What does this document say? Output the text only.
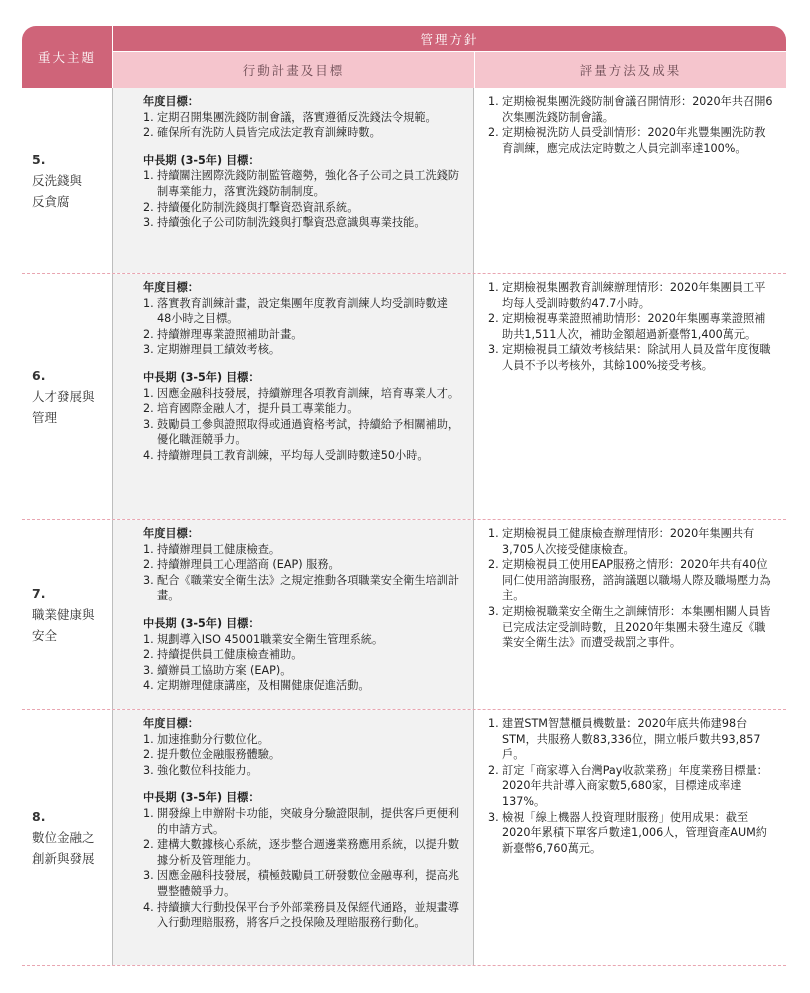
重大主題
管理方針
行動計畫及目標	評量方法及成果
5.
反洗錢與
反貪腐
年度目標：
1. 定期召開集團洗錢防制會議，落實遵循反洗錢法令規範。
2. 確保所有洗防人員皆完成法定教育訓練時數。
中長期 (3-5年) 目標：
1. 持續關注國際洗錢防制監管趨勢，強化各子公司之員工洗錢防制專業能力，落實洗錢防制制度。
2. 持續優化防制洗錢與打擊資恐資訊系統。
3. 持續強化子公司防制洗錢與打擊資恐意識與專業技能。
1. 定期檢視集團洗錢防制會議召開情形：2020年共召開6次集團洗錢防制會議。
2. 定期檢視洗防人員受訓情形：2020年兆豐集團洗防教育訓練，應完成法定時數之人員完訓率達100%。
6.
人才發展與
管理
年度目標：
1. 落實教育訓練計畫，設定集團年度教育訓練人均受訓時數達48小時之目標。
2. 持續辦理專業證照補助計畫。
3. 定期辦理員工績效考核。
中長期 (3-5年) 目標：
1. 因應金融科技發展，持續辦理各項教育訓練，培育專業人才。
2. 培育國際金融人才，提升員工專業能力。
3. 鼓勵員工參與證照取得或通過資格考試，持續給予相關補助，優化職涯競爭力。
4. 持續辦理員工教育訓練，平均每人受訓時數達50小時。
1. 定期檢視集團教育訓練辦理情形：2020年集團員工平均每人受訓時數約47.7小時。
2. 定期檢視專業證照補助情形：2020年集團專業證照補助共1,511人次，補助金額超過新臺幣1,400萬元。
3. 定期檢視員工績效考核結果：除試用人員及當年度復職人員不予以考核外，其餘100%接受考核。
7.
職業健康與
安全
年度目標：
1. 持續辦理員工健康檢查。
2. 持續辦理員工心理諮商 (EAP) 服務。
3. 配合《職業安全衛生法》之規定推動各項職業安全衛生培訓計畫。
中長期 (3-5年) 目標：
1. 規劃導入ISO 45001職業安全衛生管理系統。
2. 持續提供員工健康檢查補助。
3. 續辦員工協助方案 (EAP)。
4. 定期辦理健康講座，及相關健康促進活動。
1. 定期檢視員工健康檢查辦理情形：2020年集團共有3,705人次接受健康檢查。
2. 定期檢視員工使用EAP服務之情形：2020年共有40位同仁使用諮詢服務，諮詢議題以職場人際及職場壓力為主。
3. 定期檢視職業安全衛生之訓練情形：本集團相關人員皆已完成法定受訓時數，且2020年集團未發生違反《職業安全衛生法》而遭受裁罰之事件。
8.
數位金融之
創新與發展
年度目標：
1. 加速推動分行數位化。
2. 提升數位金融服務體驗。
3. 強化數位科技能力。
中長期 (3-5年) 目標：
1. 開發線上申辦附卡功能，突破身分驗證限制，提供客戶更便利的申請方式。
2. 建構大數據核心系統，逐步整合週邊業務應用系統，以提升數據分析及管理能力。
3. 因應金融科技發展，積極鼓勵員工研發數位金融專利，提高兆豐整體競爭力。
4. 持續擴大行動投保平台予外部業務員及保經代通路，並規畫導入行動理賠服務，將客戶之投保險及理賠服務行動化。
1. 建置STM智慧櫃員機數量：2020年底共佈建98台STM，共服務人數83,336位，開立帳戶數共93,857戶。
2. 訂定「商家導入台灣Pay收款業務」年度業務目標量：2020年共計導入商家數5,680家，目標達成率達137%。
3. 檢視「線上機器人投資理財服務」使用成果：截至2020年累積下單客戶數達1,006人，管理資產AUM約新臺幣6,760萬元。
